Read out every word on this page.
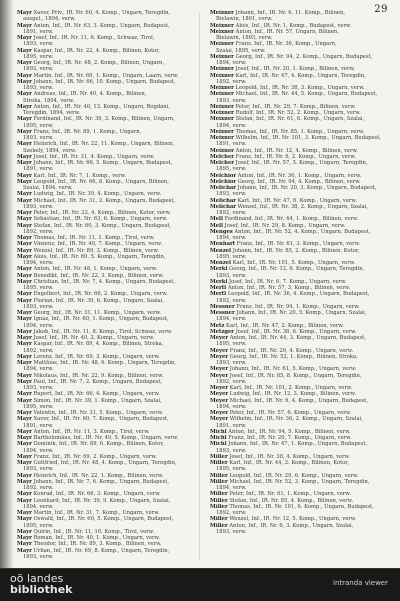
29
Mayr Xaver, Priv., IR. Nr. 60, 4. Komp., Ungarn, Teregdin,
ausgel., 1894, verw.
Mayr Anton, Inf., IR. Nr. 63, 3. Komp., Ungarn, Budapest,
1891, verw.
Mayr Josef, Inf., IR. Nr. 11, 6. Komp., Schwaz, Tirol,
1893, verw.
Mayr Kaspar, Inf., IR. Nr. 22, 4. Komp., Bilinen, Kotor,
1895, verw.
Mayr Georg, Inf., IR. Nr. 48, 2. Komp., Bilinen, Ungarn,
1892, verw.
Mayr Martin, Inf., IR. Nr. 69, 1. Komp., Ungarn, Laarn, verw.
Mayr Johann, Inf., IR. Nr. 66, 10. Komp., Ungarn, Budapest,
1893, verw.
Mayr Andreas, Inf., IR. Nr. 40, 4. Komp., Bilinen,
Stroka, 1894, verw.
Mayr Anton, Inf., IR. Nr. 40, 13. Komp., Ungarn, Bogdáni,
Teregdin, 1894, verw.
Mayr Ferdinand, Inf., IR. Nr. 39, 3. Komp., Bilinen, Ungarn,
1895, verw.
Mayr Franz, Inf., IR. Nr. 89, 1. Komp., Ungarn,
1893, verw.
Mayr Heinrich, Inf., IR. Nr. 22, 11. Komp., Ungarn, Bilinen,
Szekely, 1894, verw.
Mayr Josef, Inf., IR. Nr. 31, 4. Komp., Ungarn, verw.
Mayr Johann, Inf., IR. Nr. 66, 5. Komp., Ungarn, Budapest,
1891, verw.
Mayr Karl, Inf., IR. Nr. 7, 1. Komp., verw.
Mayr Leopold, Inf., IR. Nr. 66, 8. Komp., Ungarn, Bilinen,
Szalai, 1894, verw.
Mayr Ludwig, Inf., IR. Nr. 39, 4. Komp., Ungarn, verw.
Mayr Michael, Inf., IR. Nr. 31, 2. Komp., Ungarn, Budapest,
1893, verw.
Mayr Peter, Inf., IR. Nr. 22, 4. Komp., Bilinen, Kotor, verw.
Mayr Sebastian, Inf., IR. Nr. 63, 6. Komp., Ungarn, verw.
Mayr Stefan, Inf., IR. Nr. 60, 3. Komp., Ungarn, Budapest,
1892, verw.
Mayr Thomas, Inf., IR. Nr. 11, 1. Komp., Tirol, verw.
Mayr Vinzenz, Inf., IR. Nr. 40, 7. Komp., Ungarn, verw.
Mayr Wenzel, Inf., IR. Nr. 89, 2. Komp., Bilinen, verw.
Mayr Alois, Inf., IR. Nr. 69, 5. Komp., Ungarn, Teregdin,
1894, verw.
Mayr Anton, Inf., IR. Nr. 48, 1. Komp., Ungarn, verw.
Mayr Benedikt, Inf., IR. Nr. 22, 3. Komp., Bilinen, verw.
Mayr Christian, Inf., IR. Nr. 7, 4. Komp., Ungarn, Budapest,
1895, verw.
Mayr Engelbert, Inf., IR. Nr. 66, 2. Komp., Ungarn, verw.
Mayr Florian, Inf., IR. Nr. 39, 6. Komp., Ungarn, Szalai,
1893, verw.
Mayr Georg, Inf., IR. Nr. 31, 11. Komp., Ungarn, verw.
Mayr Ignaz, Inf., IR. Nr. 60, 1. Komp., Ungarn, Budapest,
1894, verw.
Mayr Jakob, Inf., IR. Nr. 11, 8. Komp., Tirol, Schwaz, verw.
Mayr Josef, Inf., IR. Nr. 40, 2. Komp., Ungarn, verw.
Mayr Kaspar, Inf., IR. Nr. 89, 4. Komp., Bilinen, Stroka,
1892, verw.
Mayr Lorenz, Inf., IR. Nr. 69, 3. Komp., Ungarn, verw.
Mayr Matthias, Inf., IR. Nr. 48, 6. Komp., Ungarn, Teregdin,
1894, verw.
Mayr Nikolaus, Inf., IR. Nr. 22, 9. Komp., Bilinen, verw.
Mayr Paul, Inf., IR. Nr. 7, 2. Komp., Ungarn, Budapest,
1893, verw.
Mayr Rupert, Inf., IR. Nr. 66, 4. Komp., Ungarn, verw.
Mayr Simon, Inf., IR. Nr. 39, 1. Komp., Ungarn, Szalai,
1895, verw.
Mayr Valentin, Inf., IR. Nr. 31, 5. Komp., Ungarn, verw.
Mayr Xaver, Inf., IR. Nr. 60, 7. Komp., Ungarn, Budapest,
1891, verw.
Mayr Anton, Inf., IR. Nr. 11, 3. Komp., Tirol, verw.
Mayr Bartholomäus, Inf., IR. Nr. 40, 5. Komp., Ungarn, verw.
Mayr Dominik, Inf., IR. Nr. 89, 6. Komp., Bilinen, Kotor,
1894, verw.
Mayr Franz, Inf., IR. Nr. 69, 2. Komp., Ungarn, verw.
Mayr Gottfried, Inf., IR. Nr. 48, 4. Komp., Ungarn, Teregdin,
1893, verw.
Mayr Heinrich, Inf., IR. Nr. 22, 1. Komp., Bilinen, verw.
Mayr Johann, Inf., IR. Nr. 7, 6. Komp., Ungarn, Budapest,
1892, verw.
Mayr Konrad, Inf., IR. Nr. 66, 3. Komp., Ungarn, verw.
Mayr Leonhard, Inf., IR. Nr. 39, 9. Komp., Ungarn, Szalai,
1894, verw.
Mayr Martin, Inf., IR. Nr. 31, 7. Komp., Ungarn, verw.
Mayr Oswald, Inf., IR. Nr. 60, 5. Komp., Ungarn, Budapest,
1895, verw.
Mayr Quirin, Inf., IR. Nr. 11, 10. Komp., Tirol, verw.
Mayr Roman, Inf., IR. Nr. 40, 1. Komp., Ungarn, verw.
Mayr Theodor, Inf., IR. Nr. 89, 3. Komp., Bilinen, verw.
Mayr Urban, Inf., IR. Nr. 69, 8. Komp., Ungarn, Teregdin,
1893, verw.
Meixner Johann, Inf., IR. Nr. 6, 11. Komp., Bilinen,
Bielawin, 1891, verw.
Meixner Alois, Inf., IR. Nr. 1, Komp., Budapest, verw.
Meixner Anton, Inf., IR. Nr. 57, Ungarn, Bilinen,
Bielawin, 1893, verw.
Meixner Franz, Inf., IR. Nr. 36, Komp., Ungarn,
Szalai, 1895, verw.
Meixner Georg, Inf., IR. Nr. 94, 2. Komp., Ungarn, Budapest,
1894, verw.
Meixner Josef, Inf., IR. Nr. 20, 1. Komp., Bilinen, verw.
Meixner Karl, Inf., IR. Nr. 47, 4. Komp., Ungarn, Teregdin,
1892, verw.
Meixner Leopold, Inf., IR. Nr. 38, 3. Komp., Ungarn, verw.
Meixner Michael, Inf., IR. Nr. 44, 5. Komp., Ungarn, Budapest,
1893, verw.
Meixner Peter, Inf., IR. Nr. 29, 7. Komp., Bilinen, verw.
Meixner Rudolf, Inf., IR. Nr. 52, 2. Komp., Ungarn, verw.
Meixner Stefan, Inf., IR. Nr. 61, 6. Komp., Ungarn, Szalai,
1894, verw.
Meixner Thomas, Inf., IR. Nr. 85, 1. Komp., Ungarn, verw.
Meixner Wilhelm, Inf., IR. Nr. 101, 3. Komp., Ungarn, Budapest,
1891, verw.
Meixner Anton, Inf., IR. Nr. 12, 4. Komp., Bilinen, verw.
Melcher Franz, Inf., IR. Nr. 6, 2. Komp., Ungarn, verw.
Melcher Josef, Inf., IR. Nr. 57, 5. Komp., Ungarn, Teregdin,
1895, verw.
Melchior Anton, Inf., IR. Nr. 36, 1. Komp., Ungarn, verw.
Melchior Georg, Inf., IR. Nr. 94, 4. Komp., Bilinen, verw.
Melichar Johann, Inf., IR. Nr. 20, 3. Komp., Ungarn, Budapest,
1893, verw.
Melichar Karl, Inf., IR. Nr. 47, 6. Komp., Ungarn, verw.
Melichar Wenzel, Inf., IR. Nr. 38, 2. Komp., Ungarn, Szalai,
1892, verw.
Mell Ferdinand, Inf., IR. Nr. 44, 1. Komp., Bilinen, verw.
Mell Josef, Inf., IR. Nr. 29, 8. Komp., Ungarn, verw.
Menges Anton, Inf., IR. Nr. 52, 4. Komp., Ungarn, Budapest,
1894, verw.
Menhart Franz, Inf., IR. Nr. 61, 3. Komp., Ungarn, verw.
Menzel Johann, Inf., IR. Nr. 85, 2. Komp., Bilinen, Kotor,
1895, verw.
Menzel Karl, Inf., IR. Nr. 101, 5. Komp., Ungarn, verw.
Merkl Georg, Inf., IR. Nr. 12, 6. Komp., Ungarn, Teregdin,
1893, verw.
Merkl Josef, Inf., IR. Nr. 6, 7. Komp., Ungarn, verw.
Mertl Anton, Inf., IR. Nr. 57, 3. Komp., Bilinen, verw.
Mertl Leopold, Inf., IR. Nr. 36, 4. Komp., Ungarn, Budapest,
1892, verw.
Messner Franz, Inf., IR. Nr. 94, 1. Komp., Ungarn, verw.
Messner Johann, Inf., IR. Nr. 20, 5. Komp., Ungarn, Szalai,
1894, verw.
Metz Karl, Inf., IR. Nr. 47, 2. Komp., Bilinen, verw.
Metzger Josef, Inf., IR. Nr. 38, 6. Komp., Ungarn, verw.
Meyer Anton, Inf., IR. Nr. 44, 3. Komp., Ungarn, Budapest,
1895, verw.
Meyer Franz, Inf., IR. Nr. 29, 4. Komp., Ungarn, verw.
Meyer Georg, Inf., IR. Nr. 52, 1. Komp., Bilinen, Stroka,
1893, verw.
Meyer Johann, Inf., IR. Nr. 61, 5. Komp., Ungarn, verw.
Meyer Josef, Inf., IR. Nr. 85, 8. Komp., Ungarn, Teregdin,
1892, verw.
Meyer Karl, Inf., IR. Nr. 101, 2. Komp., Ungarn, verw.
Meyer Ludwig, Inf., IR. Nr. 12, 3. Komp., Bilinen, verw.
Meyer Michael, Inf., IR. Nr. 6, 4. Komp., Ungarn, Budapest,
1894, verw.
Meyer Peter, Inf., IR. Nr. 57, 6. Komp., Ungarn, verw.
Meyer Wilhelm, Inf., IR. Nr. 36, 2. Komp., Ungarn, Szalai,
1891, verw.
Michl Anton, Inf., IR. Nr. 94, 5. Komp., Bilinen, verw.
Michl Franz, Inf., IR. Nr. 20, 7. Komp., Ungarn, verw.
Michl Johann, Inf., IR. Nr. 47, 1. Komp., Ungarn, Budapest,
1893, verw.
Miller Josef, Inf., IR. Nr. 38, 4. Komp., Ungarn, verw.
Miller Karl, Inf., IR. Nr. 44, 2. Komp., Bilinen, Kotor,
1895, verw.
Miller Leopold, Inf., IR. Nr. 29, 6. Komp., Ungarn, verw.
Miller Michael, Inf., IR. Nr. 52, 3. Komp., Ungarn, Teregdin,
1894, verw.
Miller Peter, Inf., IR. Nr. 61, 1. Komp., Ungarn, verw.
Miller Stefan, Inf., IR. Nr. 85, 4. Komp., Bilinen, verw.
Miller Thomas, Inf., IR. Nr. 101, 6. Komp., Ungarn, Budapest,
1892, verw.
Miller Wenzel, Inf., IR. Nr. 12, 5. Komp., Ungarn, verw.
Miller Anton, Inf., IR. Nr. 6, 3. Komp., Ungarn, Szalai,
1893, verw.
oö landes
bibliothek	intranda viewer
